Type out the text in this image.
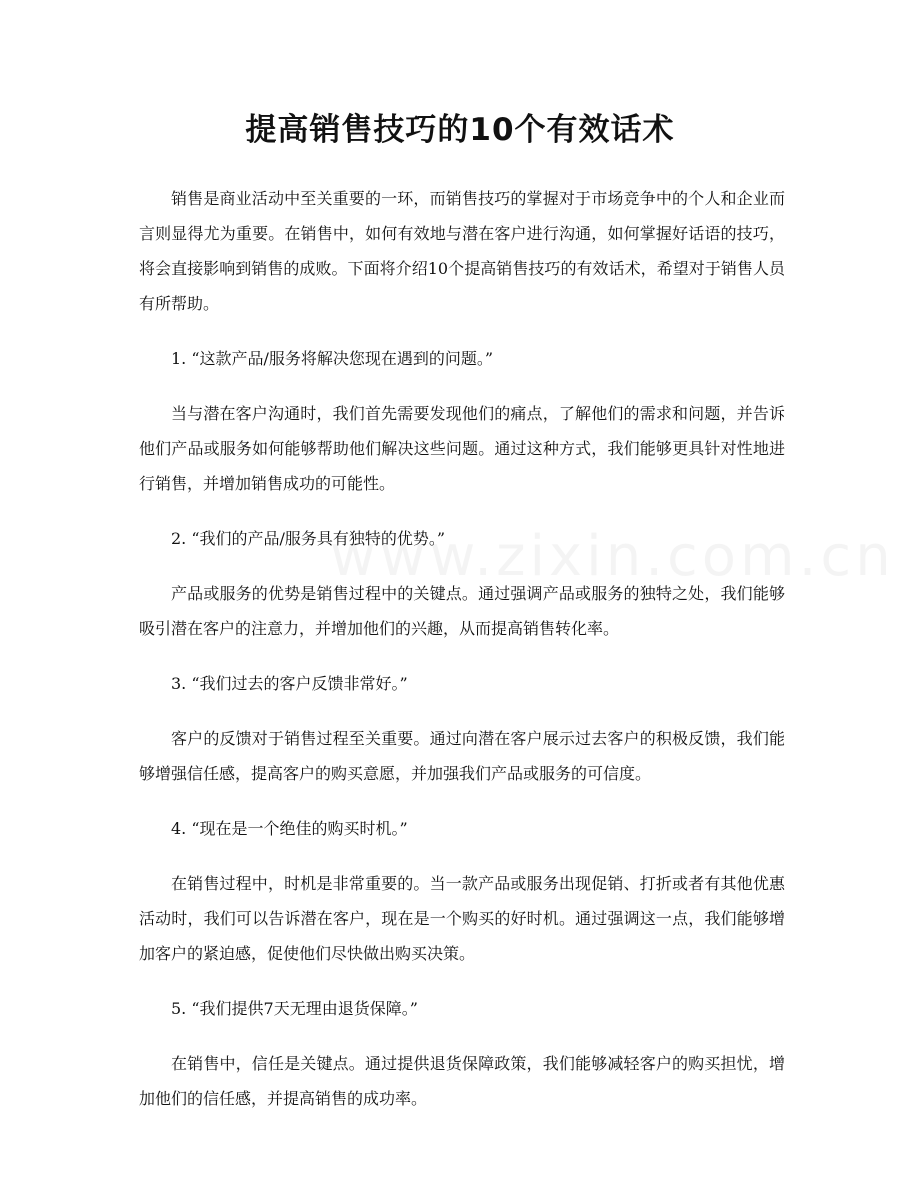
提高销售技巧的10个有效话术

销售是商业活动中至关重要的一环，而销售技巧的掌握对于市场竞争中的个人和企业而言则显得尤为重要。在销售中，如何有效地与潜在客户进行沟通，如何掌握好话语的技巧，将会直接影响到销售的成败。下面将介绍10个提高销售技巧的有效话术，希望对于销售人员有所帮助。

1. “这款产品/服务将解决您现在遇到的问题。”

当与潜在客户沟通时，我们首先需要发现他们的痛点，了解他们的需求和问题，并告诉他们产品或服务如何能够帮助他们解决这些问题。通过这种方式，我们能够更具针对性地进行销售，并增加销售成功的可能性。

2. “我们的产品/服务具有独特的优势。”

产品或服务的优势是销售过程中的关键点。通过强调产品或服务的独特之处，我们能够吸引潜在客户的注意力，并增加他们的兴趣，从而提高销售转化率。

3. “我们过去的客户反馈非常好。”

客户的反馈对于销售过程至关重要。通过向潜在客户展示过去客户的积极反馈，我们能够增强信任感，提高客户的购买意愿，并加强我们产品或服务的可信度。

4. “现在是一个绝佳的购买时机。”

在销售过程中，时机是非常重要的。当一款产品或服务出现促销、打折或者有其他优惠活动时，我们可以告诉潜在客户，现在是一个购买的好时机。通过强调这一点，我们能够增加客户的紧迫感，促使他们尽快做出购买决策。

5. “我们提供7天无理由退货保障。”

在销售中，信任是关键点。通过提供退货保障政策，我们能够减轻客户的购买担忧，增加他们的信任感，并提高销售的成功率。
